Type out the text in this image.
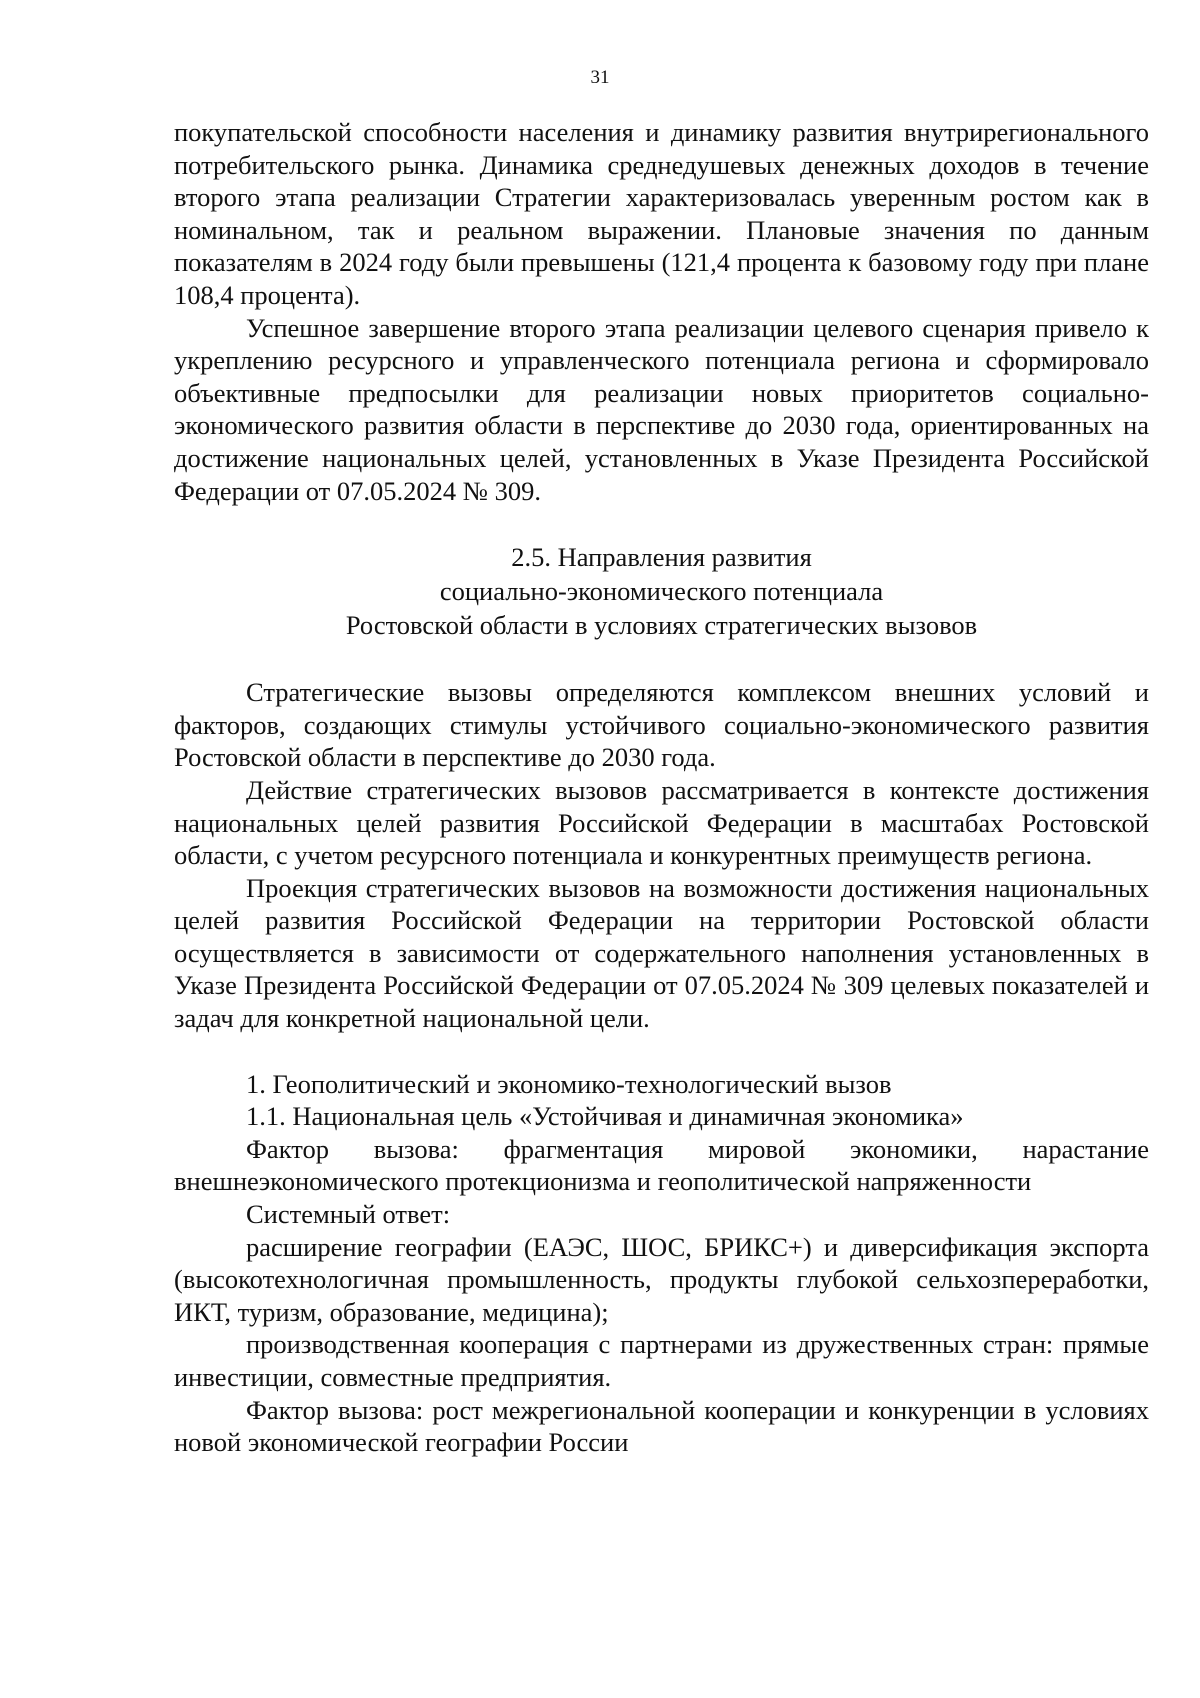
31

покупательской способности населения и динамику развития внутрирегионального потребительского рынка. Динамика среднедушевых денежных доходов в течение второго этапа реализации Стратегии характеризовалась уверенным ростом как в номинальном, так и реальном выражении. Плановые значения по данным показателям в 2024 году были превышены (121,4 процента к базовому году при плане 108,4 процента).

Успешное завершение второго этапа реализации целевого сценария привело к укреплению ресурсного и управленческого потенциала региона и сформировало объективные предпосылки для реализации новых приоритетов социально-экономического развития области в перспективе до 2030 года, ориентированных на достижение национальных целей, установленных в Указе Президента Российской Федерации от 07.05.2024 № 309.

2.5. Направления развития
социально-экономического потенциала
Ростовской области в условиях стратегических вызовов

Стратегические вызовы определяются комплексом внешних условий и факторов, создающих стимулы устойчивого социально-экономического развития Ростовской области в перспективе до 2030 года.

Действие стратегических вызовов рассматривается в контексте достижения национальных целей развития Российской Федерации в масштабах Ростовской области, с учетом ресурсного потенциала и конкурентных преимуществ региона.

Проекция стратегических вызовов на возможности достижения национальных целей развития Российской Федерации на территории Ростовской области осуществляется в зависимости от содержательного наполнения установленных в Указе Президента Российской Федерации от 07.05.2024 № 309 целевых показателей и задач для конкретной национальной цели.

1. Геополитический и экономико-технологический вызов

1.1. Национальная цель «Устойчивая и динамичная экономика»

Фактор вызова: фрагментация мировой экономики, нарастание внешнеэкономического протекционизма и геополитической напряженности

Системный ответ:

расширение географии (ЕАЭС, ШОС, БРИКС+) и диверсификация экспорта (высокотехнологичная промышленность, продукты глубокой сельхозпереработки, ИКТ, туризм, образование, медицина);

производственная кооперация с партнерами из дружественных стран: прямые инвестиции, совместные предприятия.

Фактор вызова: рост межрегиональной кооперации и конкуренции в условиях новой экономической географии России
